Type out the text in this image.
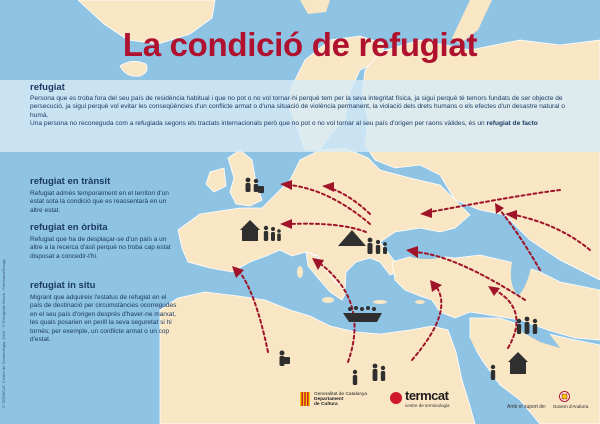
La condició de refugiat
refugiat
Persona que es troba fora del seu país de residència habitual i que no pot o no vol tornar-hi perquè tem per la seva integritat física, ja sigui perquè té temors fundats de ser objecte de persecució, ja sigui perquè vol evitar les conseqüències d'un conflicte armat o d'una situació de violència permanent, la violació dels drets humans o els efectes d'un desastre natural o humà.
Una persona no reconeguda com a refugiada segons els tractats internacionals però que no pot o no vol tornar al seu país d'origen per raons vàlides, és un refugiat de facto
refugiat en trànsit
Refugiat admès temporalment en el territori d'un estat sota la condició que es reassentarà en un altre estat.
refugiat en òrbita
Refugiat que ha de desplaçar-se d'un país a un altre a la recerca d'asil perquè no troba cap estat disposat a concedir-l'hi.
refugiat in situ
Migrant que adquireix l'estatus de refugiat en el país de destinació per circumstàncies ocorregudes en el seu país d'origen després d'haver-ne marxat, les quals posarien en perill la seva seguretat si hi tornés; per exemple, un conflicte armat o un cop d'estat.
© TERMCAT, Centre de Terminologia, 2016 · © Fotografia iStock · Freehand/Design	Generalitat de Catalunya
Departament
de Cultura
termcat
centre de terminologia	Amb el suport de: Govern d'Andorra
